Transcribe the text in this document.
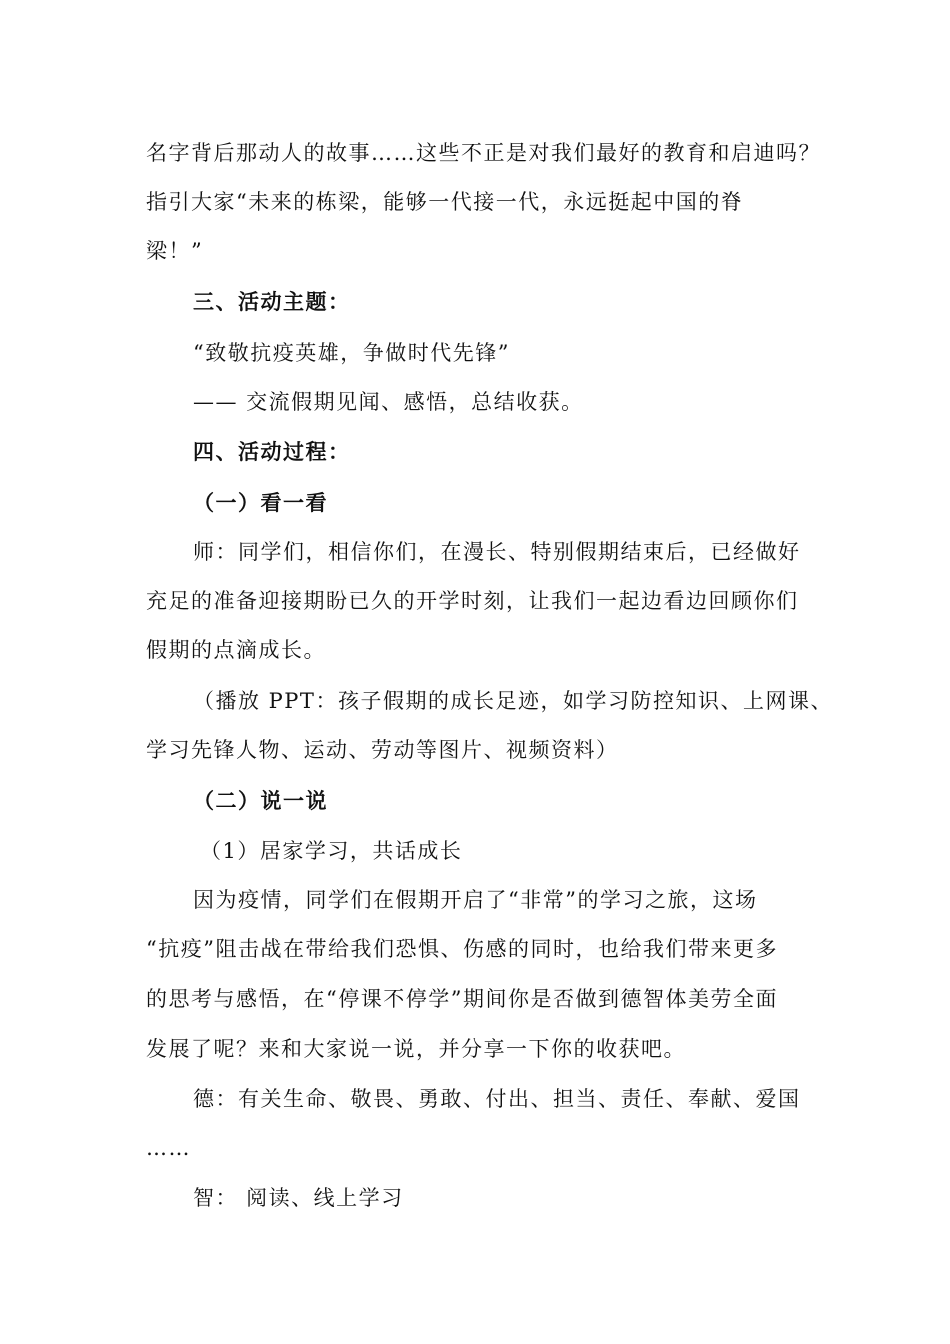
名字背后那动人的故事……这些不正是对我们最好的教育和启迪吗？
指引大家“未来的栋梁，能够一代接一代，永远挺起中国的脊
梁！”
三、活动主题：
“致敬抗疫英雄，争做时代先锋”
—— 交流假期见闻、感悟，总结收获。
四、活动过程：
（一）看一看
师：同学们，相信你们，在漫长、特别假期结束后，已经做好
充足的准备迎接期盼已久的开学时刻，让我们一起边看边回顾你们
假期的点滴成长。
（播放 PPT：孩子假期的成长足迹，如学习防控知识、上网课、
学习先锋人物、运动、劳动等图片、视频资料）
（二）说一说
（1）居家学习，共话成长
因为疫情，同学们在假期开启了“非常”的学习之旅，这场
“抗疫”阻击战在带给我们恐惧、伤感的同时，也给我们带来更多
的思考与感悟，在“停课不停学”期间你是否做到德智体美劳全面
发展了呢？来和大家说一说，并分享一下你的收获吧。
德：有关生命、敬畏、勇敢、付出、担当、责任、奉献、爱国
……
智： 阅读、线上学习
